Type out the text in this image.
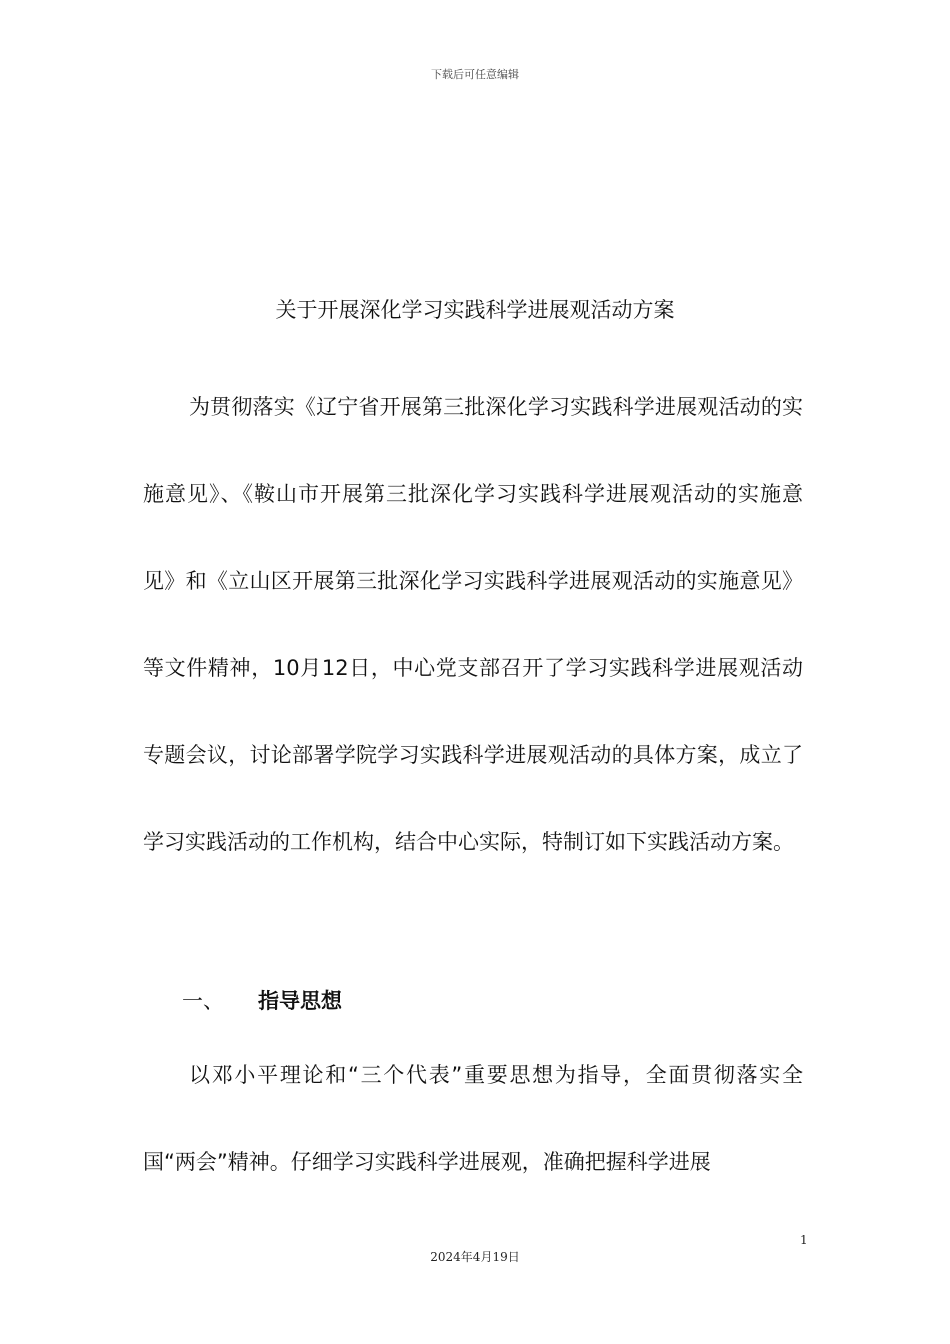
下载后可任意编辑
关于开展深化学习实践科学进展观活动方案

为贯彻落实《辽宁省开展第三批深化学习实践科学进展观活动的实施意见》、《鞍山市开展第三批深化学习实践科学进展观活动的实施意见》和《立山区开展第三批深化学习实践科学进展观活动的实施意见》等文件精神，10月12日，中心党支部召开了学习实践科学进展观活动专题会议，讨论部署学院学习实践科学进展观活动的具体方案，成立了学习实践活动的工作机构，结合中心实际，特制订如下实践活动方案。

一、 指导思想

以邓小平理论和“三个代表”重要思想为指导，全面贯彻落实全国“两会”精神。仔细学习实践科学进展观，准确把握科学进展

1
2024年4月19日
